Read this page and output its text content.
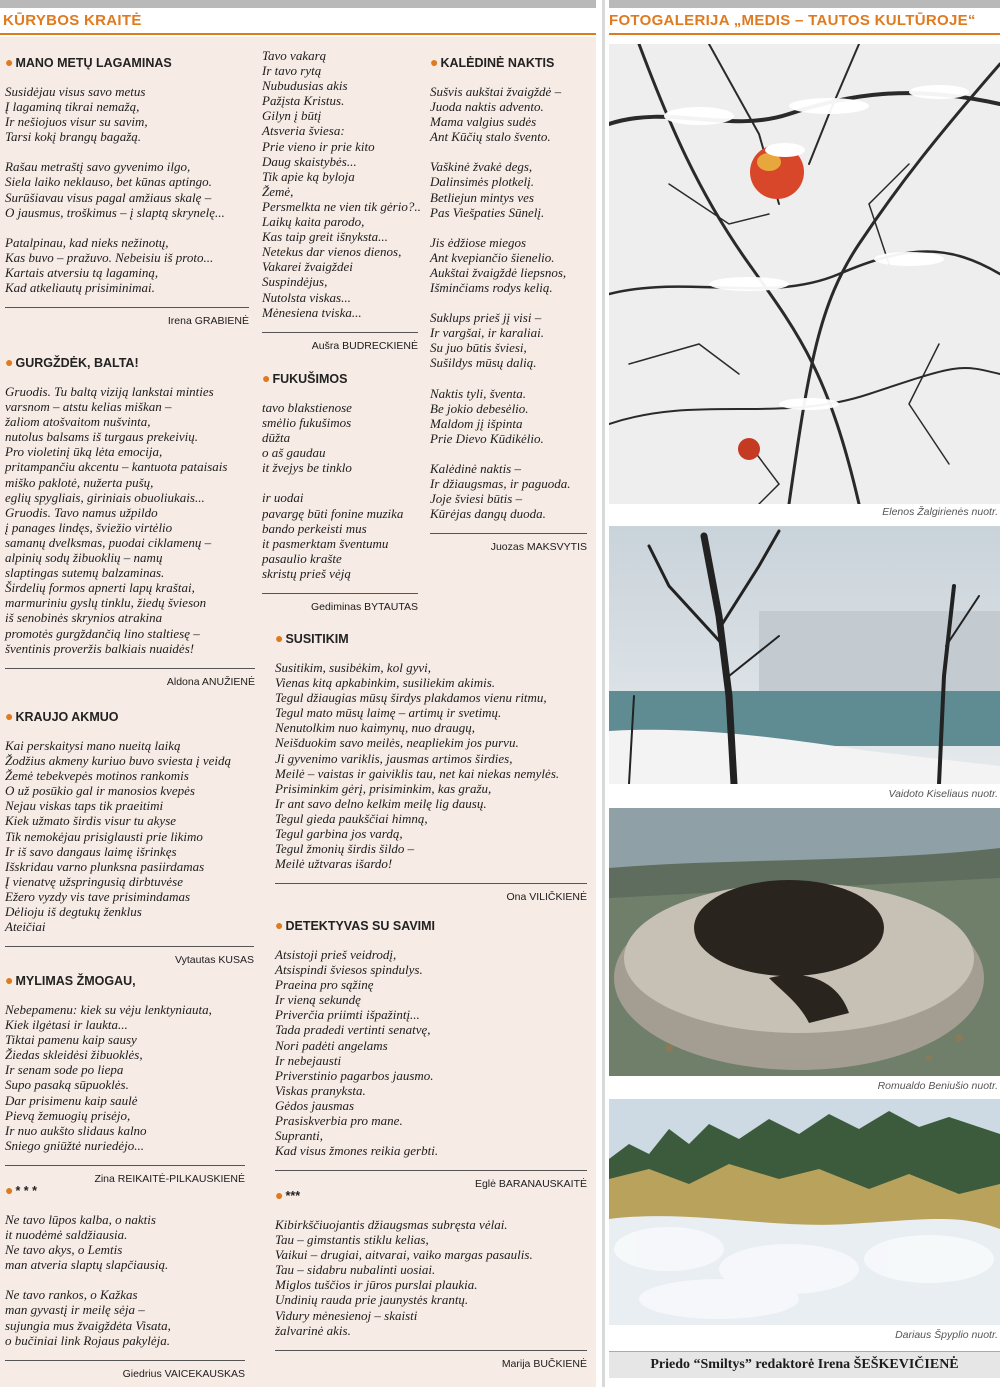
KŪRYBOS KRAITĖ	FOTOGALERIJA „MEDIS – TAUTOS KULTŪROJE“
● MANO METŲ LAGAMINAS
Susidėjau visus savo metus
Į lagaminą tikrai nemažą,
Ir nešiojuos visur su savim,
Tarsi kokį brangų bagažą.
Rašau metraštį savo gyvenimo ilgo,
Siela laiko neklauso, bet kūnas aptingo.
Surūšiavau visus pagal amžiaus skalę –
O jausmus, troškimus – į slaptą skrynelę...
Patalpinau, kad nieks nežinotų,
Kas buvo – pražuvo. Nebeisiu iš proto...
Kartais atversiu tą lagaminą,
Kad atkeliautų prisiminimai.
Irena GRABIENĖ
● GURGŽDĖK, BALTA!
Gruodis. Tu baltą viziją lankstai minties
varsnom – atstu kelias miškan –
žaliom atošvaitom nušvinta,
nutolus balsams iš turgaus prekeivių.
Pro violetinį ūką lėta emocija,
pritampančiu akcentu – kantuota pataisais
miško paklotė, nužerta pušų,
eglių spygliais, giriniais obuoliukais...
Gruodis. Tavo namus užpildo
į panages lindęs, šviežio virtėlio
samanų dvelksmas, puodai ciklamenų –
alpinių sodų žibuoklių – namų
slaptingas sutemų balzaminas.
Širdelių formos apnerti lapų kraštai,
marmuriniu gyslų tinklu, žiedų švieson
iš senobinės skrynios atrakina
promotės gurgždančią lino staltiesę –
šventinis proveržis balkiais nuaidės!
Aldona ANUŽIENĖ
● KRAUJO AKMUO
Kai perskaitysi mano nueitą laiką
Žodžius akmeny kuriuo buvo sviesta į veidą
Žemė tebekvepės motinos rankomis
O už posūkio gal ir manosios kvepės
Nejau viskas taps tik praeitimi
Kiek užmato širdis visur tu akyse
Tik nemokėjau prisiglausti prie likimo
Ir iš savo dangaus laimę išrinkęs
Išskridau varno plunksna pasiirdamas
Į vienatvę užspringusią dirbtuvėse
Ežero vyzdy vis tave prisimindamas
Dėlioju iš degtukų ženklus
Ateičiai
Vytautas KUSAS
● MYLIMAS ŽMOGAU,
Nebepamenu: kiek su vėju lenktyniauta,
Kiek ilgėtasi ir laukta...
Tiktai pamenu kaip sausy
Žiedas skleidėsi žibuoklės,
Ir senam sode po liepa
Supo pasaką sūpuoklės.
Dar prisimenu kaip saulė
Pievą žemuogių prisėjo,
Ir nuo aukšto slidaus kalno
Sniego gniūžtė nuriedėjo...
Zina REIKAITĖ-PILKAUSKIENĖ
● * * *
Ne tavo lūpos kalba, o naktis
it nuodėmė saldžiausia.
Ne tavo akys, o Lemtis
man atveria slaptų slapčiausią.
Ne tavo rankos, o Kažkas
man gyvastį ir meilę sėja –
sujungia mus žvaigždėta Visata,
o bučiniai link Rojaus pakylėja.
Giedrius VAICEKAUSKAS
Tavo vakarą
Ir tavo rytą
Nubudusias akis
Pažįsta Kristus.
Gilyn į būtį
Atsveria šviesa:
Prie vieno ir prie kito
Daug skaistybės...
Tik apie ką byloja
Žemė,
Persmelkta ne vien tik gėrio?..
Laikų kaita parodo,
Kas taip greit išnyksta...
Netekus dar vienos dienos,
Vakarei žvaigždei
Suspindėjus,
Nutolsta viskas...
Mėnesiena tviska...
Aušra BUDRECKIENĖ
● FUKUŠIMOS
tavo blakstienose
smėlio fukušimos
dūžta
o aš gaudau
it žvejys be tinklo
ir uodai
pavargę būti fonine muzika
bando perkeisti mus
it pasmerktam šventumu
pasaulio krašte
skristų prieš vėją
Gediminas BYTAUTAS
● SUSITIKIM
Susitikim, susibėkim, kol gyvi,
Vienas kitą apkabinkim, susiliekim akimis.
Tegul džiaugias mūsų širdys plakdamos vienu ritmu,
Tegul mato mūsų laimę – artimų ir svetimų.
Nenutolkim nuo kaimynų, nuo draugų,
Neišduokim savo meilės, neapliekim jos purvu.
Ji gyvenimo variklis, jausmas artimos širdies,
Meilė – vaistas ir gaiviklis tau, net kai niekas nemylės.
Prisiminkim gėrį, prisiminkim, kas gražu,
Ir ant savo delno kelkim meilę lig dausų.
Tegul gieda paukščiai himną,
Tegul garbina jos vardą,
Tegul žmonių širdis šildo –
Meilė užtvaras išardo!
Ona VILIČKIENĖ
● DETEKTYVAS SU SAVIMI
Atsistoji prieš veidrodį,
Atsispindi šviesos spindulys.
Praeina pro sąžinę
Ir vieną sekundę
Priverčia priimti išpažintį...
Tada pradedi vertinti senatvę,
Nori padėti angelams
Ir nebejausti
Priverstinio pagarbos jausmo.
Viskas pranyksta.
Gėdos jausmas
Prasiskverbia pro mane.
Supranti,
Kad visus žmones reikia gerbti.
Eglė BARANAUSKAITĖ
● ***
Kibirkščiuojantis džiaugsmas subręsta vėlai.
Tau – gimstantis stiklu kelias,
Vaikui – drugiai, aitvarai, vaiko margas pasaulis.
Tau – sidabru nubalinti uosiai.
Miglos tuščios ir jūros purslai plaukia.
Undinių rauda prie jaunystės krantų.
Vidury mėnesienoj – skaisti
žalvarinė akis.
Marija BUČKIENĖ
● KALĖDINĖ NAKTIS
Sušvis aukštai žvaigždė –
Juoda naktis advento.
Mama valgius sudės
Ant Kūčių stalo švento.
Vaškinė žvakė degs,
Dalinsimės plotkelį.
Betliejun mintys ves
Pas Viešpaties Sūnelį.
Jis ėdžiose miegos
Ant kvepiančio šienelio.
Aukštai žvaigždė liepsnos,
Išminčiams rodys kelią.
Suklups prieš jį visi –
Ir vargšai, ir karaliai.
Su juo būtis šviesi,
Sušildys mūsų dalią.
Naktis tyli, šventa.
Be jokio debesėlio.
Maldom jį išpinta
Prie Dievo Kūdikėlio.
Kalėdinė naktis –
Ir džiaugsmas, ir paguoda.
Joje šviesi būtis –
Kūrėjas dangų duoda.
Juozas MAKSVYTIS
Elenos Žalgirienės nuotr.
Vaidoto Kiseliaus nuotr.
Romualdo Beniušio nuotr.
Dariaus Špyplio nuotr.
Priedo “Smiltys” redaktorė Irena ŠEŠKEVIČIENĖ
